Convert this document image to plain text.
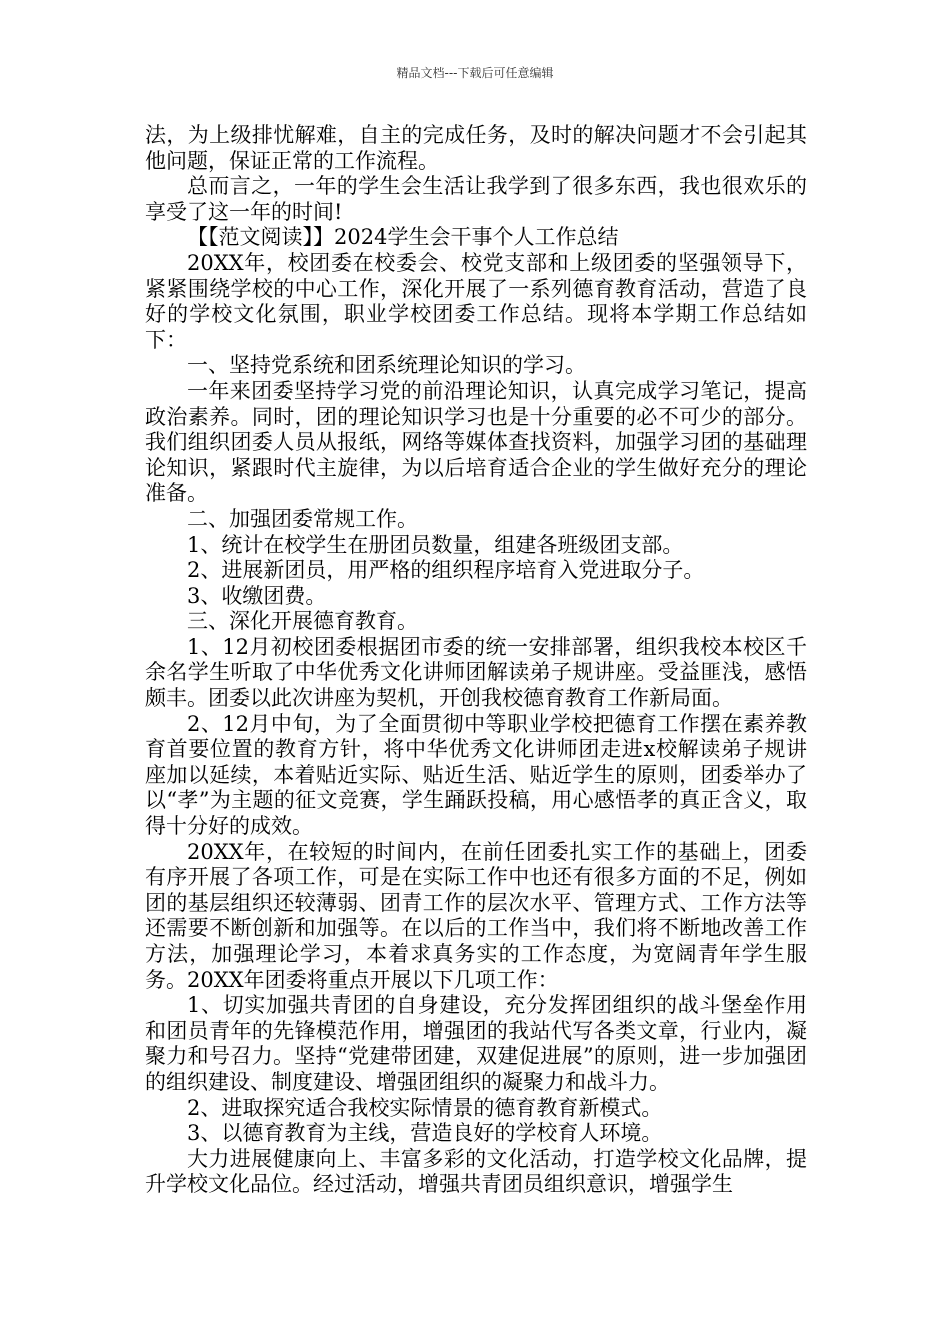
精品文档---下载后可任意编辑

法，为上级排忧解难，自主的完成任务，及时的解决问题才不会引起其他问题，保证正常的工作流程。

总而言之，一年的学生会生活让我学到了很多东西，我也很欢乐的享受了这一年的时间!

【【范文阅读】】2024学生会干事个人工作总结

20XX年，校团委在校委会、校党支部和上级团委的坚强领导下，紧紧围绕学校的中心工作，深化开展了一系列德育教育活动，营造了良好的学校文化氛围，职业学校团委工作总结。现将本学期工作总结如下：

一、坚持党系统和团系统理论知识的学习。

一年来团委坚持学习党的前沿理论知识，认真完成学习笔记，提高政治素养。同时，团的理论知识学习也是十分重要的必不可少的部分。我们组织团委人员从报纸，网络等媒体查找资料，加强学习团的基础理论知识，紧跟时代主旋律，为以后培育适合企业的学生做好充分的理论准备。

二、加强团委常规工作。

1、统计在校学生在册团员数量，组建各班级团支部。

2、进展新团员，用严格的组织程序培育入党进取分子。

3、收缴团费。

三、深化开展德育教育。

1、12月初校团委根据团市委的统一安排部署，组织我校本校区千余名学生听取了中华优秀文化讲师团解读弟子规讲座。受益匪浅，感悟颇丰。团委以此次讲座为契机，开创我校德育教育工作新局面。

2、12月中旬，为了全面贯彻中等职业学校把德育工作摆在素养教育首要位置的教育方针，将中华优秀文化讲师团走进x校解读弟子规讲座加以延续，本着贴近实际、贴近生活、贴近学生的原则，团委举办了以“孝”为主题的征文竞赛，学生踊跃投稿，用心感悟孝的真正含义，取得十分好的成效。

20XX年，在较短的时间内，在前任团委扎实工作的基础上，团委有序开展了各项工作，可是在实际工作中也还有很多方面的不足，例如团的基层组织还较薄弱、团青工作的层次水平、管理方式、工作方法等还需要不断创新和加强等。在以后的工作当中，我们将不断地改善工作方法，加强理论学习，本着求真务实的工作态度，为宽阔青年学生服务。20XX年团委将重点开展以下几项工作：

1、切实加强共青团的自身建设，充分发挥团组织的战斗堡垒作用和团员青年的先锋模范作用，增强团的我站代写各类文章，行业内，凝聚力和号召力。坚持“党建带团建，双建促进展”的原则，进一步加强团的组织建设、制度建设、增强团组织的凝聚力和战斗力。

2、进取探究适合我校实际情景的德育教育新模式。

3、以德育教育为主线，营造良好的学校育人环境。

大力进展健康向上、丰富多彩的文化活动，打造学校文化品牌，提升学校文化品位。经过活动，增强共青团员组织意识，增强学生
